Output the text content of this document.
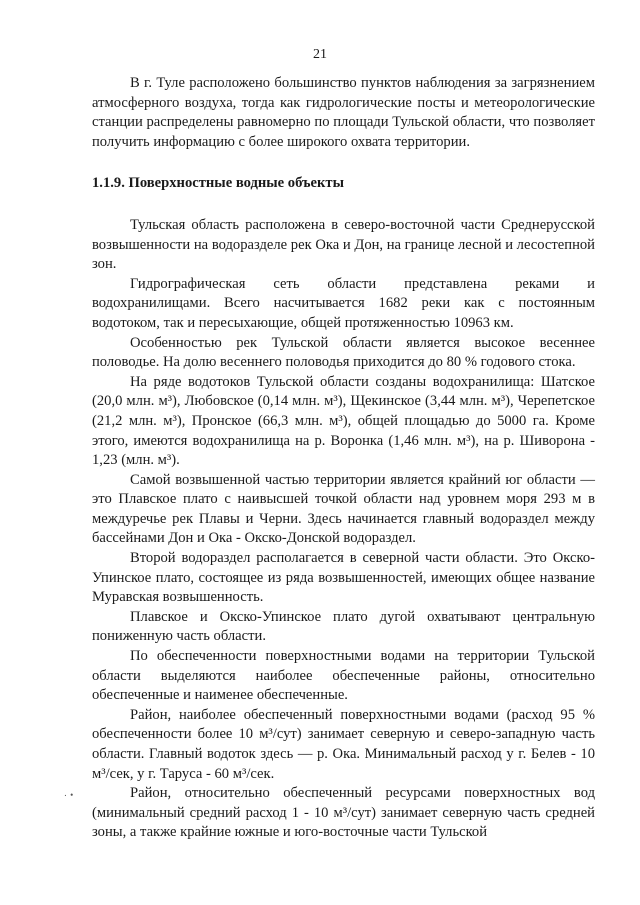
21

В г. Туле расположено большинство пунктов наблюдения за загрязнением атмосферного воздуха, тогда как гидрологические посты и метеорологические станции распределены равномерно по площади Тульской области, что позволяет получить информацию с более широкого охвата территории.

1.1.9. Поверхностные водные объекты

Тульская область расположена в северо-восточной части Среднерусской возвышенности на водоразделе рек Ока и Дон, на границе лесной и лесостепной зон.

Гидрографическая сеть области представлена реками и водохранилищами. Всего насчитывается 1682 реки как с постоянным водотоком, так и пересыхающие, общей протяженностью 10963 км.

Особенностью рек Тульской области является высокое весеннее половодье. На долю весеннего половодья приходится до 80 % годового стока.

На ряде водотоков Тульской области созданы водохранилища: Шатское (20,0 млн. м³), Любовское (0,14 млн. м³), Щекинское (3,44 млн. м³), Черепетское (21,2 млн. м³), Пронское (66,3 млн. м³), общей площадью до 5000 га. Кроме этого, имеются водохранилища на р. Воронка (1,46 млн. м³), на р. Шиворона - 1,23 (млн. м³).

Самой возвышенной частью территории является крайний юг области — это Плавское плато с наивысшей точкой области над уровнем моря 293 м в междуречье рек Плавы и Черни. Здесь начинается главный водораздел между бассейнами Дон и Ока - Окско-Донской водораздел.

Второй водораздел располагается в северной части области. Это Окско-Упинское плато, состоящее из ряда возвышенностей, имеющих общее название Муравская возвышенность.

Плавское и Окско-Упинское плато дугой охватывают центральную пониженную часть области.

По обеспеченности поверхностными водами на территории Тульской области выделяются наиболее обеспеченные районы, относительно обеспеченные и наименее обеспеченные.

Район, наиболее обеспеченный поверхностными водами (расход 95 % обеспеченности более 10 м³/сут) занимает северную и северо-западную часть области. Главный водоток здесь — р. Ока. Минимальный расход у г. Белев - 10 м³/сек, у г. Таруса - 60 м³/сек.

Район, относительно обеспеченный ресурсами поверхностных вод (минимальный средний расход 1 - 10 м³/сут) занимает северную часть средней зоны, а также крайние южные и юго-восточные части Тульской

٠ •
